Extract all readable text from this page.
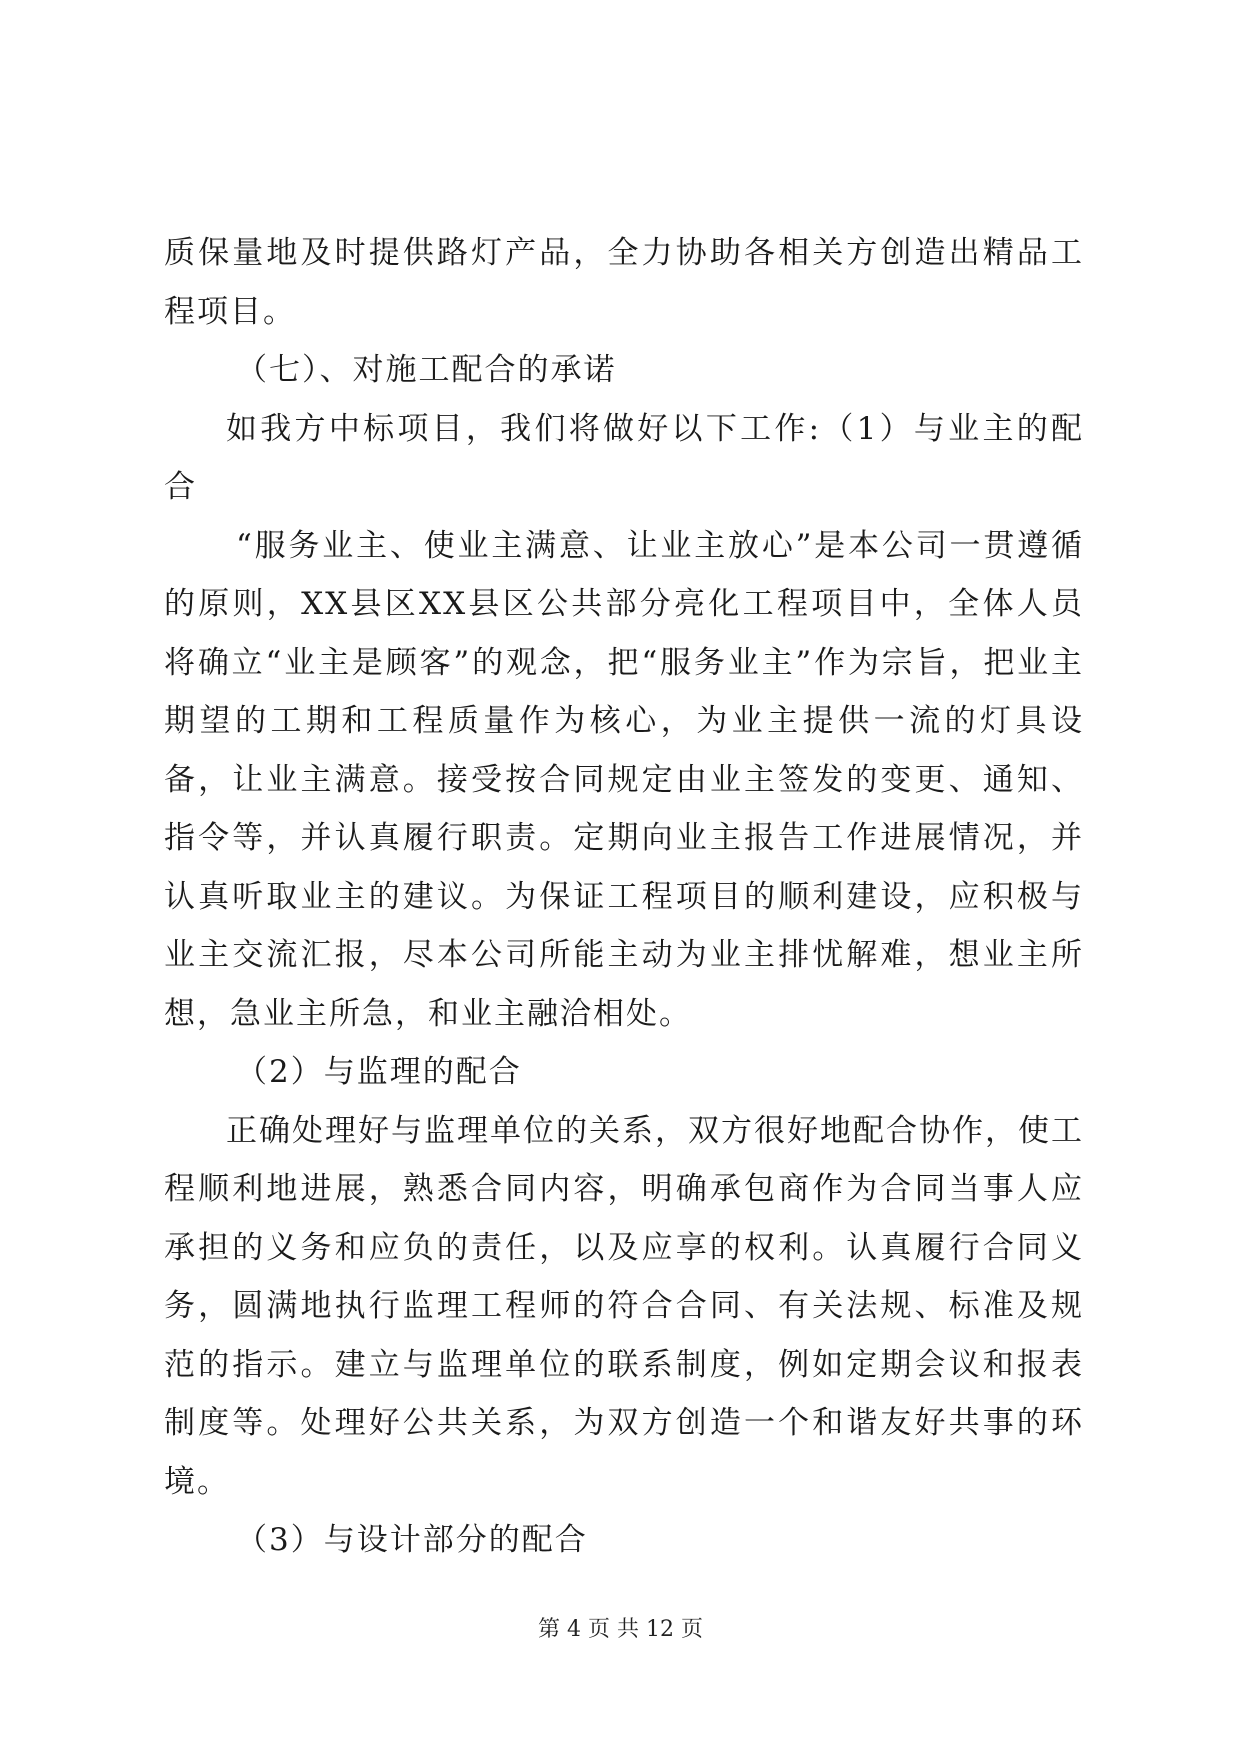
质保量地及时提供路灯产品，全力协助各相关方创造出精品工程项目。

（七）、对施工配合的承诺

如我方中标项目，我们将做好以下工作:（1）与业主的配合

“服务业主、使业主满意、让业主放心”是本公司一贯遵循的原则，XX县区XX县区公共部分亮化工程项目中，全体人员将确立“业主是顾客”的观念，把“服务业主”作为宗旨，把业主期望的工期和工程质量作为核心，为业主提供一流的灯具设备，让业主满意。接受按合同规定由业主签发的变更、通知、指令等，并认真履行职责。定期向业主报告工作进展情况，并认真听取业主的建议。为保证工程项目的顺利建设，应积极与业主交流汇报，尽本公司所能主动为业主排忧解难，想业主所想，急业主所急，和业主融洽相处。

（2）与监理的配合

正确处理好与监理单位的关系，双方很好地配合协作，使工程顺利地进展，熟悉合同内容，明确承包商作为合同当事人应承担的义务和应负的责任，以及应享的权利。认真履行合同义务，圆满地执行监理工程师的符合合同、有关法规、标准及规范的指示。建立与监理单位的联系制度，例如定期会议和报表制度等。处理好公共关系，为双方创造一个和谐友好共事的环境。

（3）与设计部分的配合

第 4 页 共 12 页
